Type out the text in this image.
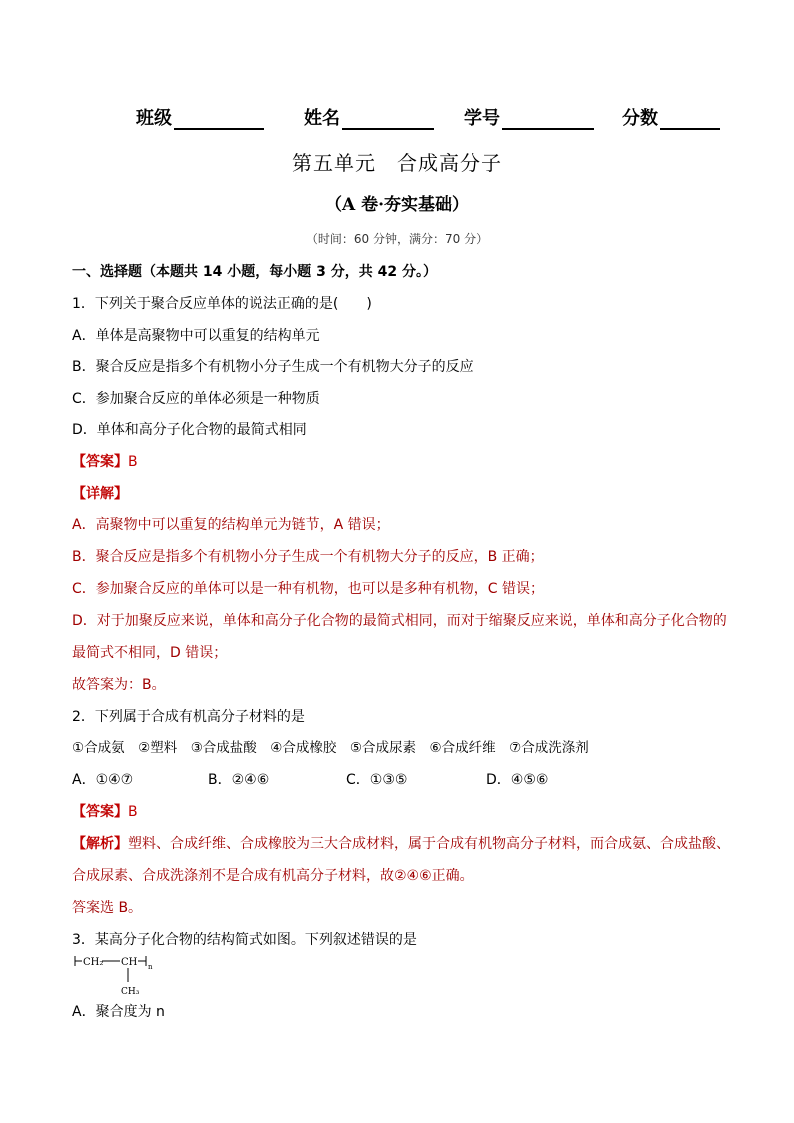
班级	姓名	学号	分数
第五单元　合成高分子
（A 卷·夯实基础）
（时间：60 分钟，满分：70 分）
一、选择题（本题共 14 小题，每小题 3 分，共 42 分。）
1．下列关于聚合反应单体的说法正确的是(　　)
A．单体是高聚物中可以重复的结构单元
B．聚合反应是指多个有机物小分子生成一个有机物大分子的反应
C．参加聚合反应的单体必须是一种物质
D．单体和高分子化合物的最简式相同
【答案】B
【详解】
A．高聚物中可以重复的结构单元为链节，A 错误；
B．聚合反应是指多个有机物小分子生成一个有机物大分子的反应，B 正确；
C．参加聚合反应的单体可以是一种有机物，也可以是多种有机物，C 错误；
D．对于加聚反应来说，单体和高分子化合物的最简式相同，而对于缩聚反应来说，单体和高分子化合物的
最简式不相同，D 错误；
故答案为：B。
2．下列属于合成有机高分子材料的是
①合成氨　②塑料　③合成盐酸　④合成橡胶　⑤合成尿素　⑥合成纤维　⑦合成洗涤剂
A．①④⑦	B．②④⑥	C．①③⑤	D．④⑤⑥
【答案】B
【解析】塑料、合成纤维、合成橡胶为三大合成材料，属于合成有机物高分子材料，而合成氨、合成盐酸、
合成尿素、合成洗涤剂不是合成有机高分子材料，故②④⑥正确。
答案选 B。
3．某高分子化合物的结构简式如图。下列叙述错误的是
CH₂ CH n
CH₃
A．聚合度为 n
